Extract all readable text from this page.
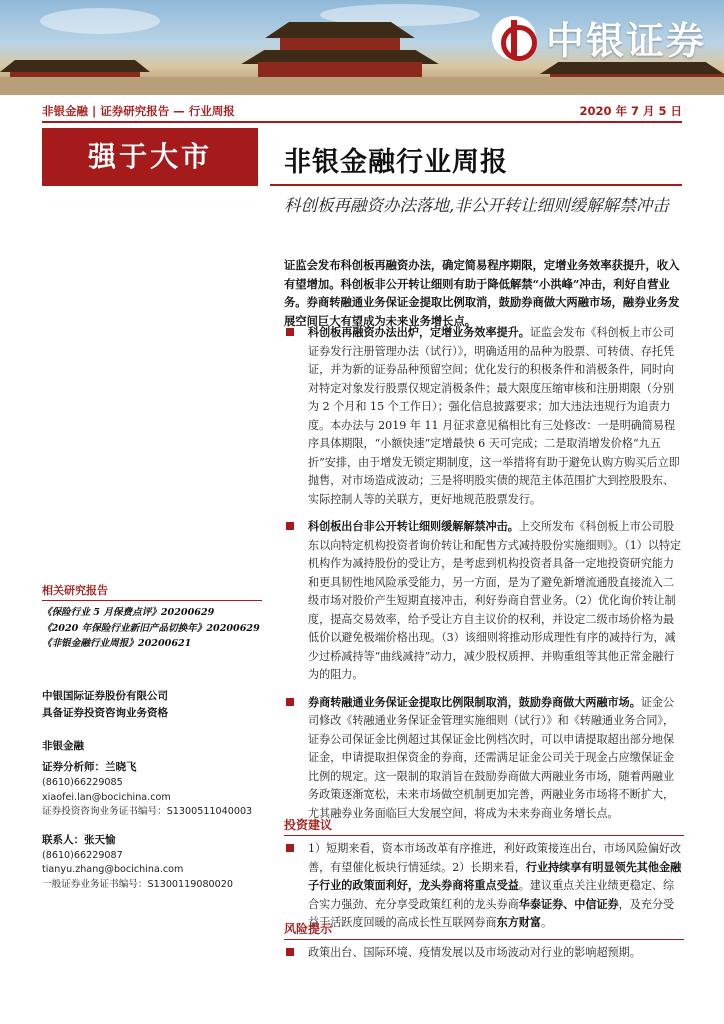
中银证券
非银金融 | 证券研究报告 — 行业周报	2020 年 7 月 5 日
强于大市	非银金融行业周报
科创板再融资办法落地,非公开转让细则缓解解禁冲击
证监会发布科创板再融资办法，确定简易程序期限，定增业务效率获提升，收入有望增加。科创板非公开转让细则有助于降低解禁“小洪峰”冲击，利好自营业务。券商转融通业务保证金提取比例取消，鼓励券商做大两融市场，融券业务发展空间巨大有望成为未来业务增长点。
科创板再融资办法出炉，定增业务效率提升。证监会发布《科创板上市公司证券发行注册管理办法（试行）》，明确适用的品种为股票、可转债、存托凭证，并为新的证券品种预留空间；优化发行的积极条件和消极条件，同时向对特定对象发行股票仅规定消极条件；最大限度压缩审核和注册期限（分别为 2 个月和 15 个工作日）；强化信息披露要求；加大违法违规行为追责力度。本办法与 2019 年 11 月征求意见稿相比有三处修改：一是明确简易程序具体期限，“小额快速”定增最快 6 天可完成；二是取消增发价格“九五折”安排，由于增发无锁定期制度，这一举措将有助于避免认购方购买后立即抛售，对市场造成波动；三是将明股实债的规范主体范围扩大到控股股东、实际控制人等的关联方，更好地规范股票发行。
科创板出台非公开转让细则缓解解禁冲击。上交所发布《科创板上市公司股东以向特定机构投资者询价转让和配售方式减持股份实施细则》。（1）以特定机构作为减持股份的受让方，是考虑到机构投资者具备一定地投资研究能力和更具韧性地风险承受能力，另一方面，是为了避免新增流通股直接流入二级市场对股价产生短期直接冲击，利好券商自营业务。（2）优化询价转让制度，提高交易效率，给予受让方自主议价的权利，并设定二级市场价格为最低价以避免极端价格出现。（3）该细则将推动形成理性有序的减持行为，减少过桥减持等“曲线减持”动力，减少股权质押、并购重组等其他正常金融行为的阻力。
券商转融通业务保证金提取比例限制取消，鼓励券商做大两融市场。证金公司修改《转融通业务保证金管理实施细则（试行）》和《转融通业务合同》，证券公司保证金比例超过其保证金比例档次时，可以申请提取超出部分地保证金，申请提取担保资金的券商，还需满足证金公司关于现金占应缴保证金比例的规定。这一限制的取消旨在鼓励券商做大两融业务市场，随着两融业务政策逐渐宽松，未来市场做空机制更加完善，两融业务市场将不断扩大，尤其融券业务面临巨大发展空间，将成为未来券商业务增长点。
投资建议
1）短期来看，资本市场改革有序推进，利好政策接连出台，市场风险偏好改善，有望催化板块行情延续。2）长期来看，行业持续享有明显领先其他金融子行业的政策面利好，龙头券商将重点受益。建议重点关注业绩更稳定、综合实力强劲、充分享受政策红利的龙头券商华泰证券、中信证券，及充分受益于活跃度回暖的高成长性互联网券商东方财富。
风险提示
政策出台、国际环境、疫情发展以及市场波动对行业的影响超预期。
相关研究报告
《保险行业 5 月保费点评》20200629
《2020 年保险行业新旧产品切换年》20200629
《非银金融行业周报》20200621
中银国际证券股份有限公司
具备证券投资咨询业务资格
非银金融
证券分析师：兰晓飞
(8610)66229085
xiaofei.lan@bocichina.com
证券投资咨询业务证书编号：S1300511040003
联系人：张天愉
(8610)66229087
tianyu.zhang@bocichina.com
一般证券业务证书编号：S1300119080020
